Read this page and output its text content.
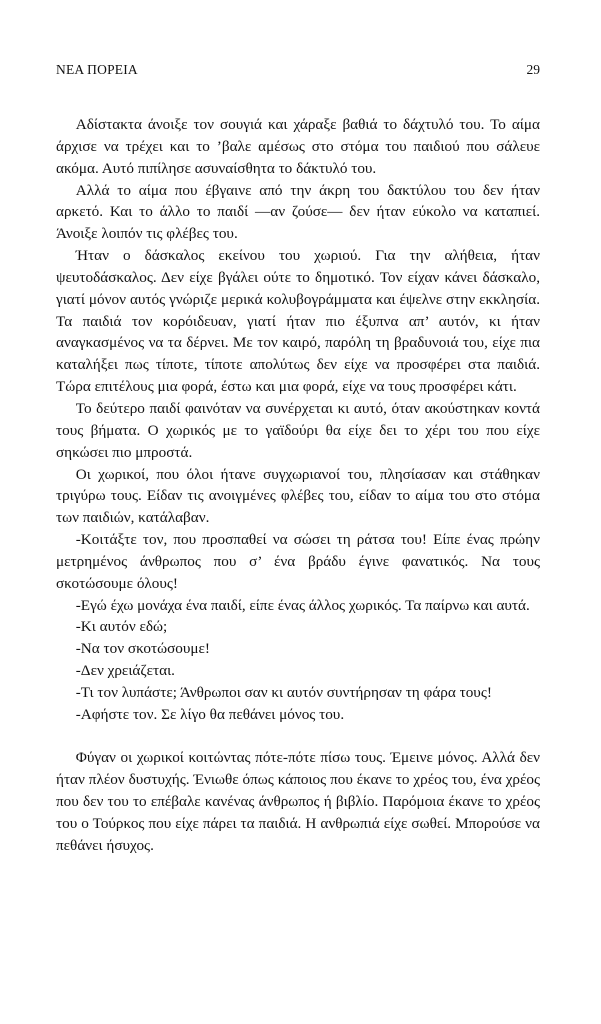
ΝΕΑ ΠΟΡΕΙΑ	29

Αδίστακτα άνοιξε τον σουγιά και χάραξε βαθιά το δάχτυλό του. Το αίμα άρχισε να τρέχει και το ’βαλε αμέσως στο στόμα του παιδιού που σάλευε ακόμα. Αυτό πιπίλησε ασυναίσθητα το δάκτυλό του.

Αλλά το αίμα που έβγαινε από την άκρη του δακτύλου του δεν ήταν αρκετό. Και το άλλο το παιδί —αν ζούσε— δεν ήταν εύκολο να καταπιεί. Άνοιξε λοιπόν τις φλέβες του.

Ήταν ο δάσκαλος εκείνου του χωριού. Για την αλήθεια, ήταν ψευτοδάσκαλος. Δεν είχε βγάλει ούτε το δημοτικό. Τον είχαν κάνει δάσκαλο, γιατί μόνον αυτός γνώριζε μερικά κολυβογράμματα και έψελνε στην εκκλησία. Τα παιδιά τον κορόιδευαν, γιατί ήταν πιο έξυπνα απ’ αυτόν, κι ήταν αναγκασμένος να τα δέρνει. Με τον καιρό, παρόλη τη βραδυνοιά του, είχε πια καταλήξει πως τίποτε, τίποτε απολύτως δεν είχε να προσφέρει στα παιδιά. Τώρα επιτέλους μια φορά, έστω και μια φορά, είχε να τους προσφέρει κάτι.

Το δεύτερο παιδί φαινόταν να συνέρχεται κι αυτό, όταν ακούστηκαν κοντά τους βήματα. Ο χωρικός με το γαϊδούρι θα είχε δει το χέρι του που είχε σηκώσει πιο μπροστά.

Οι χωρικοί, που όλοι ήτανε συγχωριανοί του, πλησίασαν και στάθηκαν τριγύρω τους. Είδαν τις ανοιγμένες φλέβες του, είδαν το αίμα του στο στόμα των παιδιών, κατάλαβαν.

-Κοιτάξτε τον, που προσπαθεί να σώσει τη ράτσα του! Είπε ένας πρώην μετρημένος άνθρωπος που σ’ ένα βράδυ έγινε φανατικός. Να τους σκοτώσουμε όλους!

-Εγώ έχω μονάχα ένα παιδί, είπε ένας άλλος χωρικός. Τα παίρνω και αυτά.

-Κι αυτόν εδώ;

-Να τον σκοτώσουμε!

-Δεν χρειάζεται.

-Τι τον λυπάστε; Άνθρωποι σαν κι αυτόν συντήρησαν τη φάρα τους!

-Αφήστε τον. Σε λίγο θα πεθάνει μόνος του.

Φύγαν οι χωρικοί κοιτώντας πότε-πότε πίσω τους. Έμεινε μόνος. Αλλά δεν ήταν πλέον δυστυχής. Ένιωθε όπως κάποιος που έκανε το χρέος του, ένα χρέος που δεν του το επέβαλε κανένας άνθρωπος ή βιβλίο. Παρόμοια έκανε το χρέος του ο Τούρκος που είχε πάρει τα παιδιά. Η ανθρωπιά είχε σωθεί. Μπορούσε να πεθάνει ήσυχος.
